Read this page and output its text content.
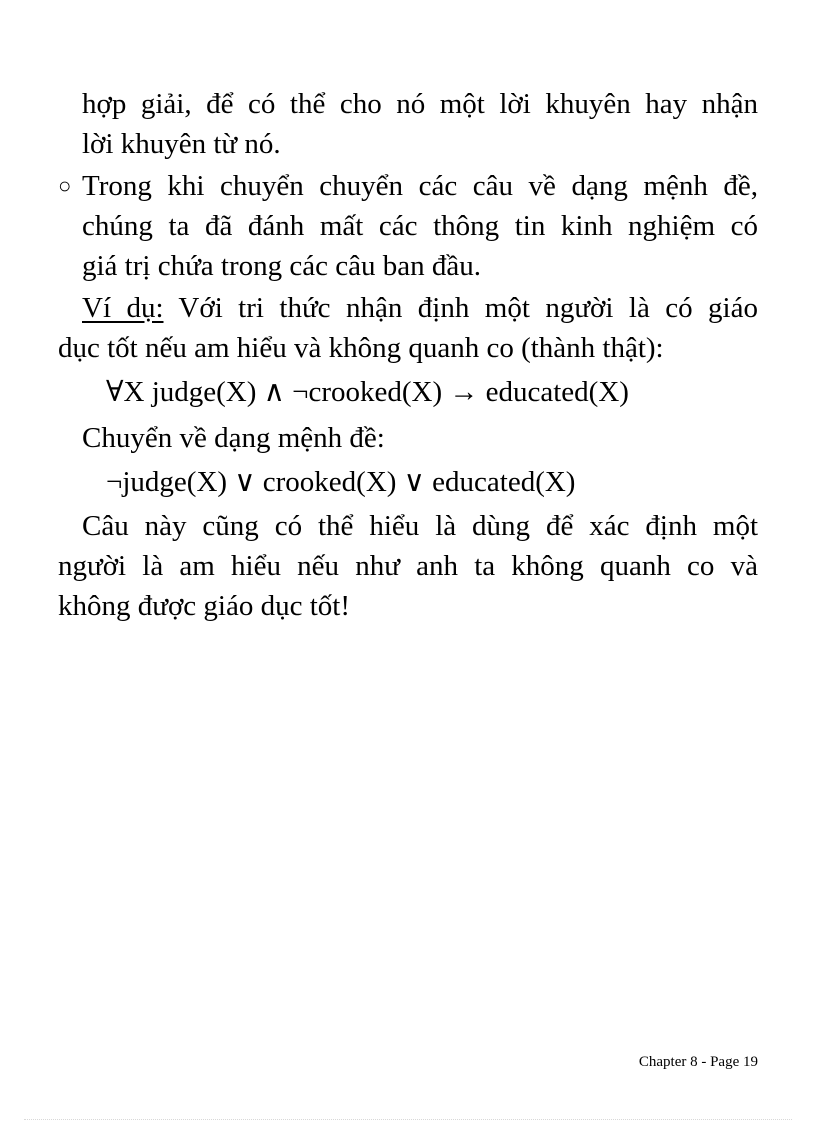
hợp giải, để có thể cho nó một lời khuyên hay nhận
lời khuyên từ nó.
○ Trong khi chuyển chuyển các câu về dạng mệnh đề,
chúng ta đã đánh mất các thông tin kinh nghiệm có
giá trị chứa trong các câu ban đầu.
Ví dụ: Với tri thức nhận định một người là có giáo
dục tốt nếu am hiểu và không quanh co (thành thật):
∀X judge(X) ∧ ¬crooked(X) → educated(X)
Chuyển về dạng mệnh đề:
¬judge(X) ∨ crooked(X) ∨ educated(X)
Câu này cũng có thể hiểu là dùng để xác định một
người là am hiểu nếu như anh ta không quanh co và
không được giáo dục tốt!
Chapter 8 - Page 19
